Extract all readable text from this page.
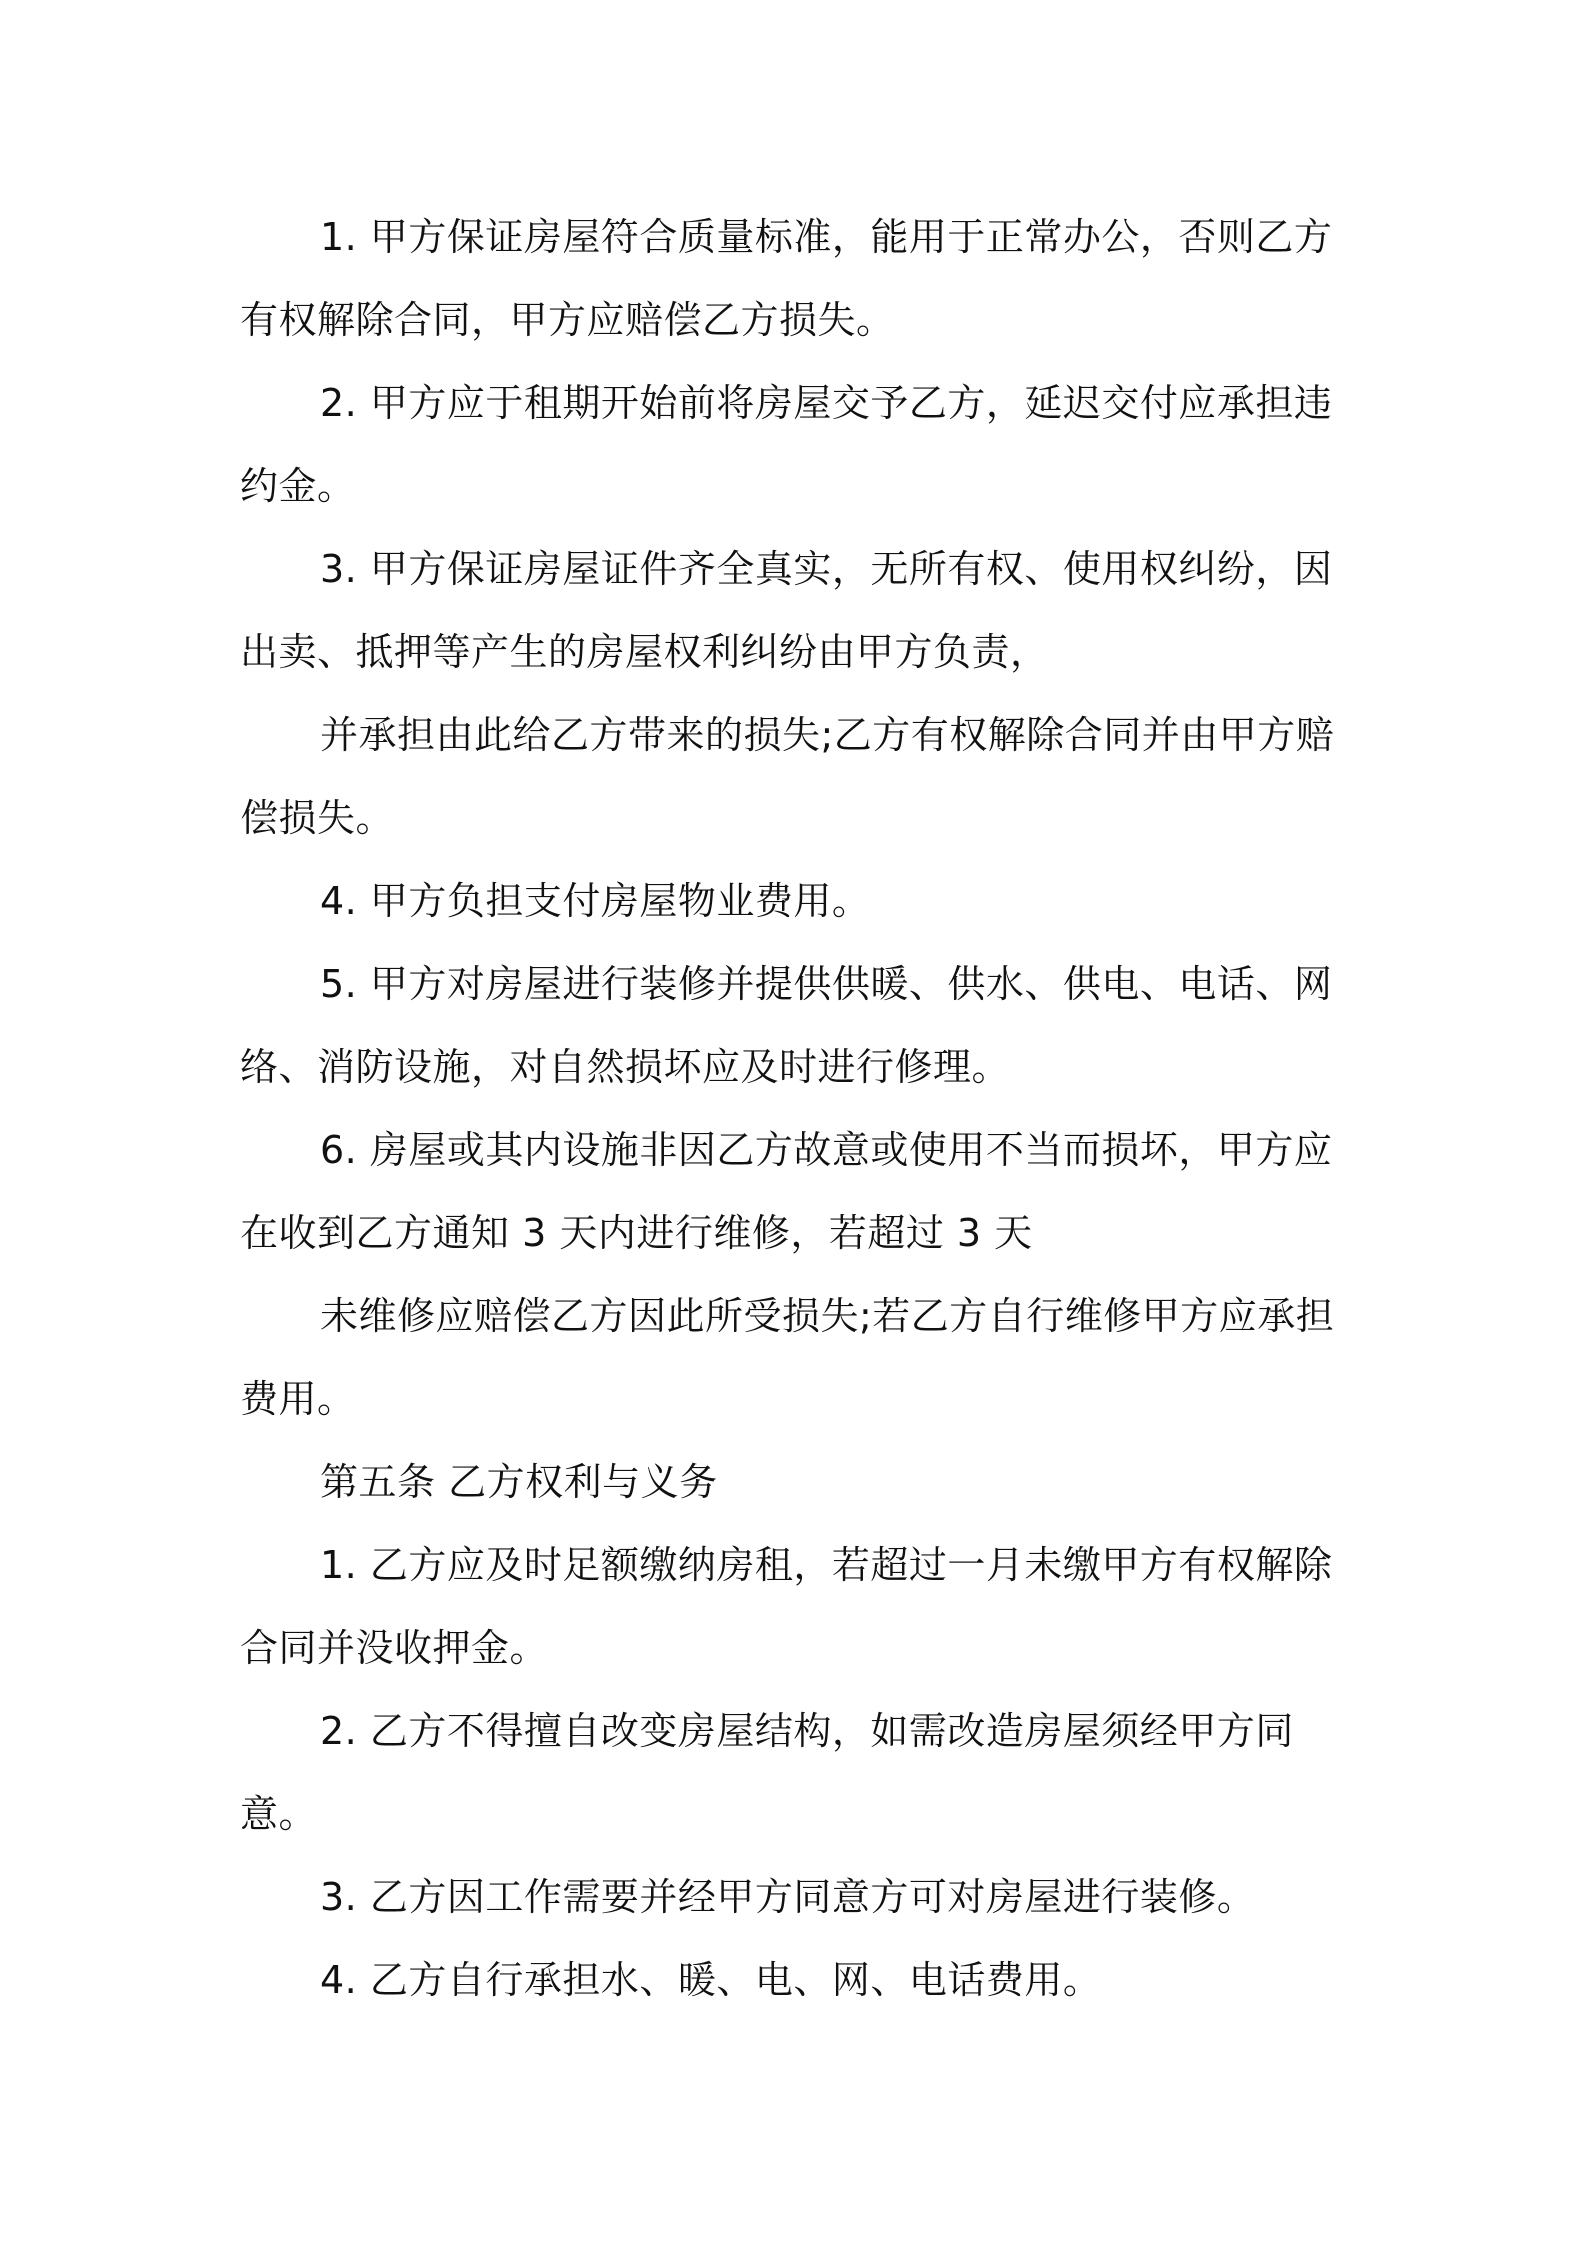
1. 甲方保证房屋符合质量标准，能用于正常办公，否则乙方有权解除合同，甲方应赔偿乙方损失。

2. 甲方应于租期开始前将房屋交予乙方，延迟交付应承担违约金。

3. 甲方保证房屋证件齐全真实，无所有权、使用权纠纷，因出卖、抵押等产生的房屋权利纠纷由甲方负责，

并承担由此给乙方带来的损失;乙方有权解除合同并由甲方赔偿损失。

4. 甲方负担支付房屋物业费用。

5. 甲方对房屋进行装修并提供供暖、供水、供电、电话、网络、消防设施，对自然损坏应及时进行修理。

6. 房屋或其内设施非因乙方故意或使用不当而损坏，甲方应在收到乙方通知 3 天内进行维修，若超过 3 天

未维修应赔偿乙方因此所受损失;若乙方自行维修甲方应承担费用。

第五条 乙方权利与义务

1. 乙方应及时足额缴纳房租，若超过一月未缴甲方有权解除合同并没收押金。

2. 乙方不得擅自改变房屋结构，如需改造房屋须经甲方同意。

3. 乙方因工作需要并经甲方同意方可对房屋进行装修。

4. 乙方自行承担水、暖、电、网、电话费用。
